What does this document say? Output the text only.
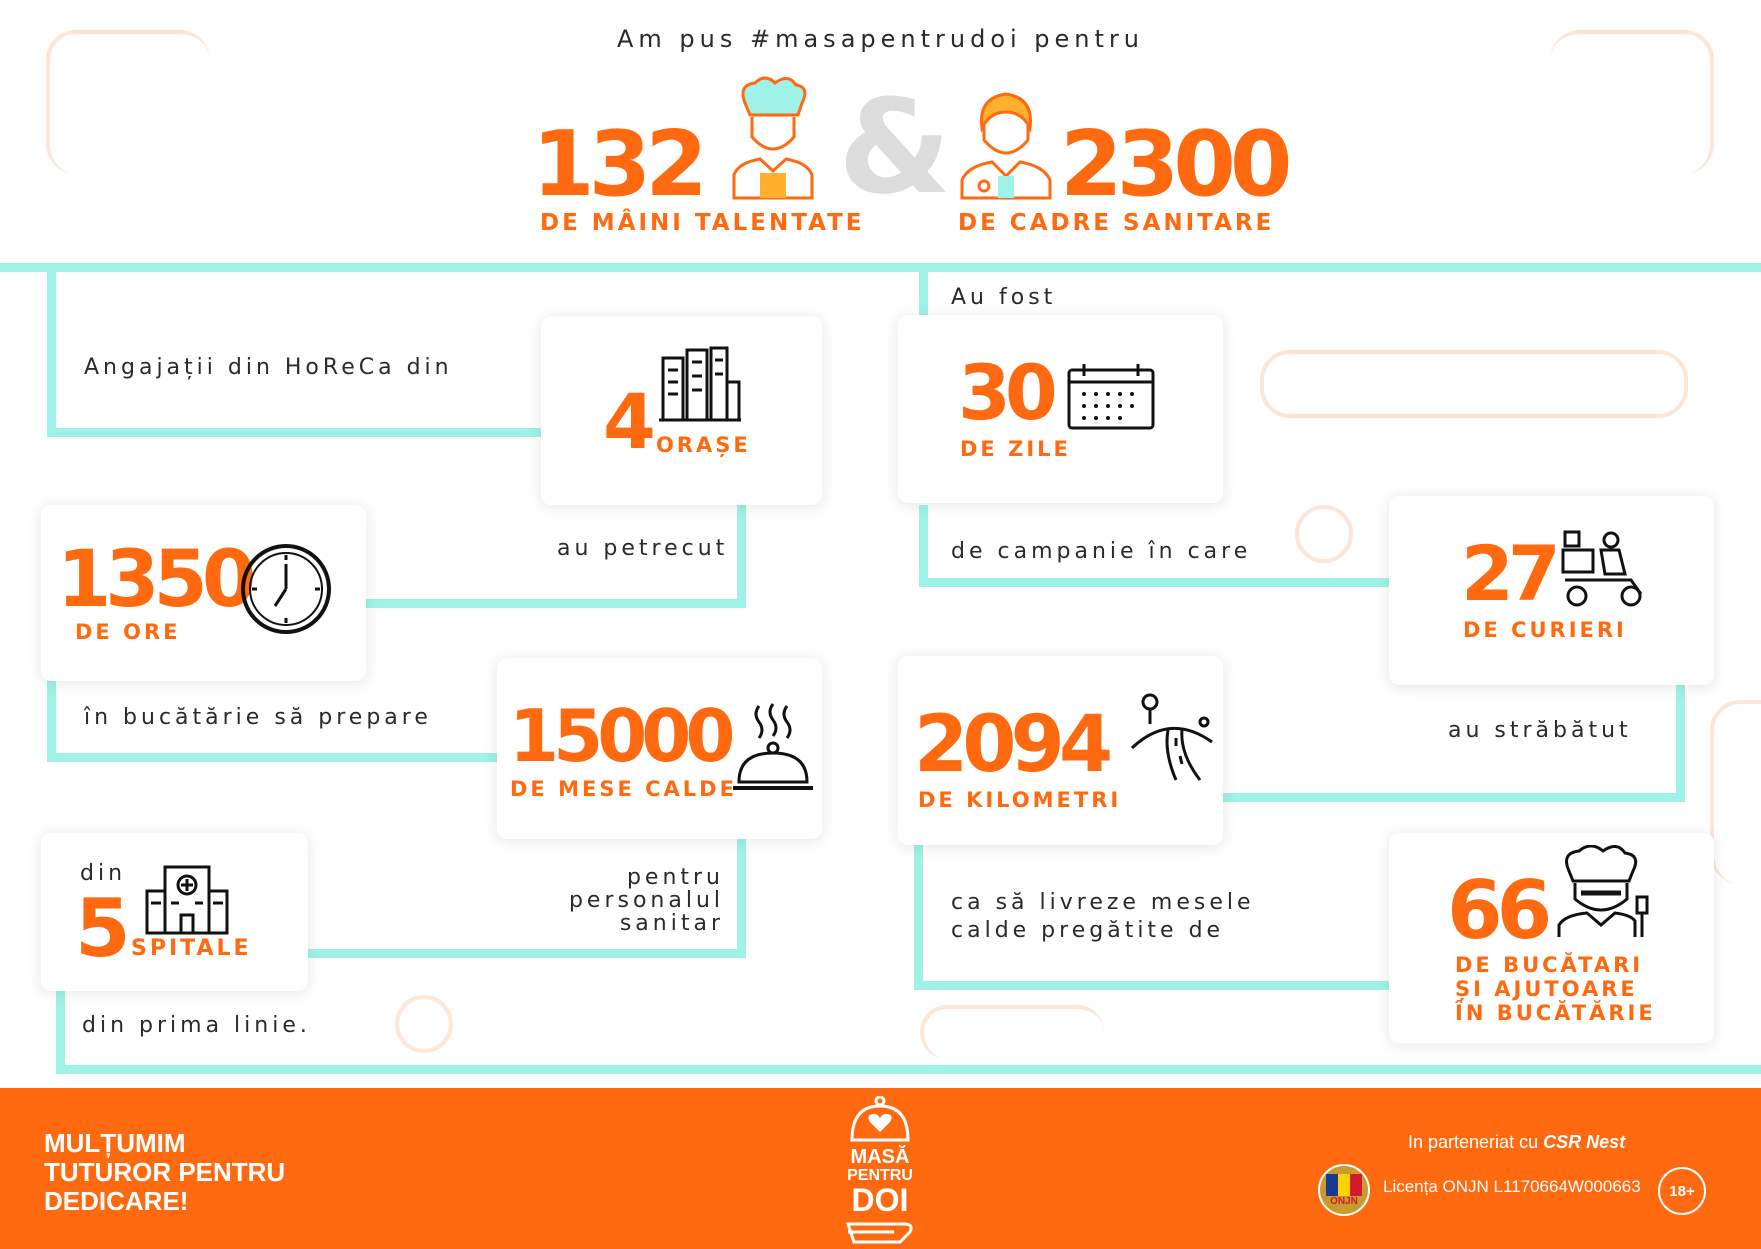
Am pus #masapentrudoi pentru
132
DE MÂINI TALENTATE
& 2300
DE CADRE SANITARE
Angajații din HoReCa din
Au fost
au petrecut	de campanie în care
în bucătărie să prepare
au străbătut
pentru
personalul
sanitar
ca să livreze mesele
calde pregătite de
din prima linie.
4 ORAȘE
30
DE ZILE
1350
DE ORE
27
DE CURIERI
15000
DE MESE CALDE 2094
DE KILOMETRI
din
5 SPITALE	66
DE BUCĂTARI
ȘI AJUTOARE
ÎN BUCĂTĂRIE
MULȚUMIM
TUTUROR PENTRU
DEDICARE!
MASĂ
PENTRU
DOI
In parteneriat cu CSR Nest
ONJN
Licența ONJN L1170664W000663 18+
